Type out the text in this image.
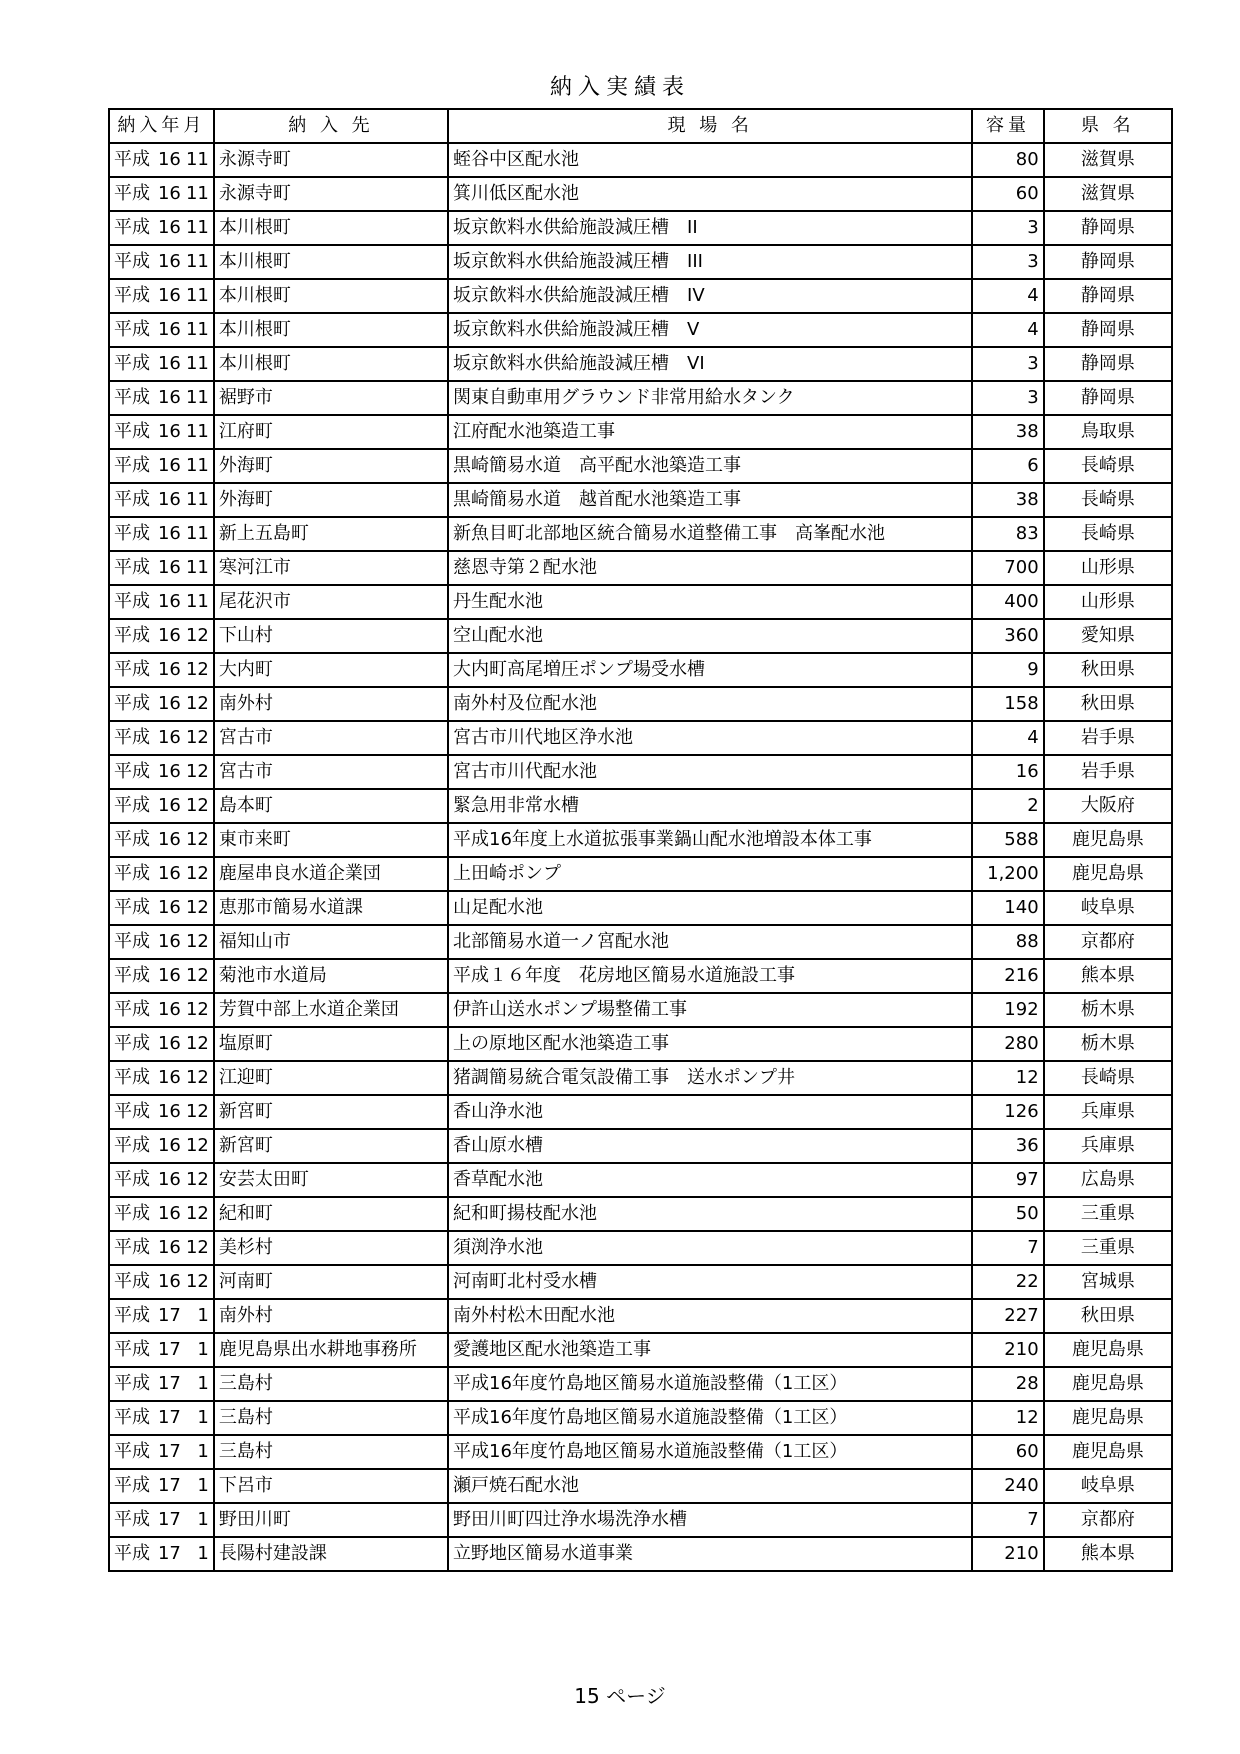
納入実績表
納入年月	納 入 先	現 場 名	容量	県 名

平成 16 11	永源寺町	蛭谷中区配水池	80	滋賀県

平成 16 11	永源寺町	箕川低区配水池	60	滋賀県

平成 16 11	本川根町	坂京飲料水供給施設減圧槽　II	3	静岡県

平成 16 11	本川根町	坂京飲料水供給施設減圧槽　III	3	静岡県

平成 16 11	本川根町	坂京飲料水供給施設減圧槽　IV	4	静岡県

平成 16 11	本川根町	坂京飲料水供給施設減圧槽　V	4	静岡県

平成 16 11	本川根町	坂京飲料水供給施設減圧槽　VI	3	静岡県

平成 16 11	裾野市	関東自動車用グラウンド非常用給水タンク	3	静岡県

平成 16 11	江府町	江府配水池築造工事	38	鳥取県

平成 16 11	外海町	黒崎簡易水道　高平配水池築造工事	6	長崎県

平成 16 11	外海町	黒崎簡易水道　越首配水池築造工事	38	長崎県

平成 16 11	新上五島町	新魚目町北部地区統合簡易水道整備工事　高峯配水池	83	長崎県

平成 16 11	寒河江市	慈恩寺第２配水池	700	山形県

平成 16 11	尾花沢市	丹生配水池	400	山形県

平成 16 12	下山村	空山配水池	360	愛知県

平成 16 12	大内町	大内町高尾増圧ポンプ場受水槽	9	秋田県

平成 16 12	南外村	南外村及位配水池	158	秋田県

平成 16 12	宮古市	宮古市川代地区浄水池	4	岩手県

平成 16 12	宮古市	宮古市川代配水池	16	岩手県

平成 16 12	島本町	緊急用非常水槽	2	大阪府

平成 16 12	東市来町	平成16年度上水道拡張事業鍋山配水池増設本体工事	588	鹿児島県

平成 16 12	鹿屋串良水道企業団	上田崎ポンプ	1,200	鹿児島県

平成 16 12	恵那市簡易水道課	山足配水池	140	岐阜県

平成 16 12	福知山市	北部簡易水道一ノ宮配水池	88	京都府

平成 16 12	菊池市水道局	平成１６年度　花房地区簡易水道施設工事	216	熊本県

平成 16 12	芳賀中部上水道企業団	伊許山送水ポンプ場整備工事	192	栃木県

平成 16 12	塩原町	上の原地区配水池築造工事	280	栃木県

平成 16 12	江迎町	猪調簡易統合電気設備工事　送水ポンプ井	12	長崎県

平成 16 12	新宮町	香山浄水池	126	兵庫県

平成 16 12	新宮町	香山原水槽	36	兵庫県

平成 16 12	安芸太田町	香草配水池	97	広島県

平成 16 12	紀和町	紀和町揚枝配水池	50	三重県

平成 16 12	美杉村	須渕浄水池	7	三重県

平成 16 12	河南町	河南町北村受水槽	22	宮城県

平成 17 1	南外村	南外村松木田配水池	227	秋田県

平成 17 1	鹿児島県出水耕地事務所	愛護地区配水池築造工事	210	鹿児島県

平成 17 1	三島村	平成16年度竹島地区簡易水道施設整備（1工区）	28	鹿児島県

平成 17 1	三島村	平成16年度竹島地区簡易水道施設整備（1工区）	12	鹿児島県

平成 17 1	三島村	平成16年度竹島地区簡易水道施設整備（1工区）	60	鹿児島県

平成 17 1	下呂市	瀬戸焼石配水池	240	岐阜県

平成 17 1	野田川町	野田川町四辻浄水場洗浄水槽	7	京都府

平成 17 1	長陽村建設課	立野地区簡易水道事業	210	熊本県
15 ページ
